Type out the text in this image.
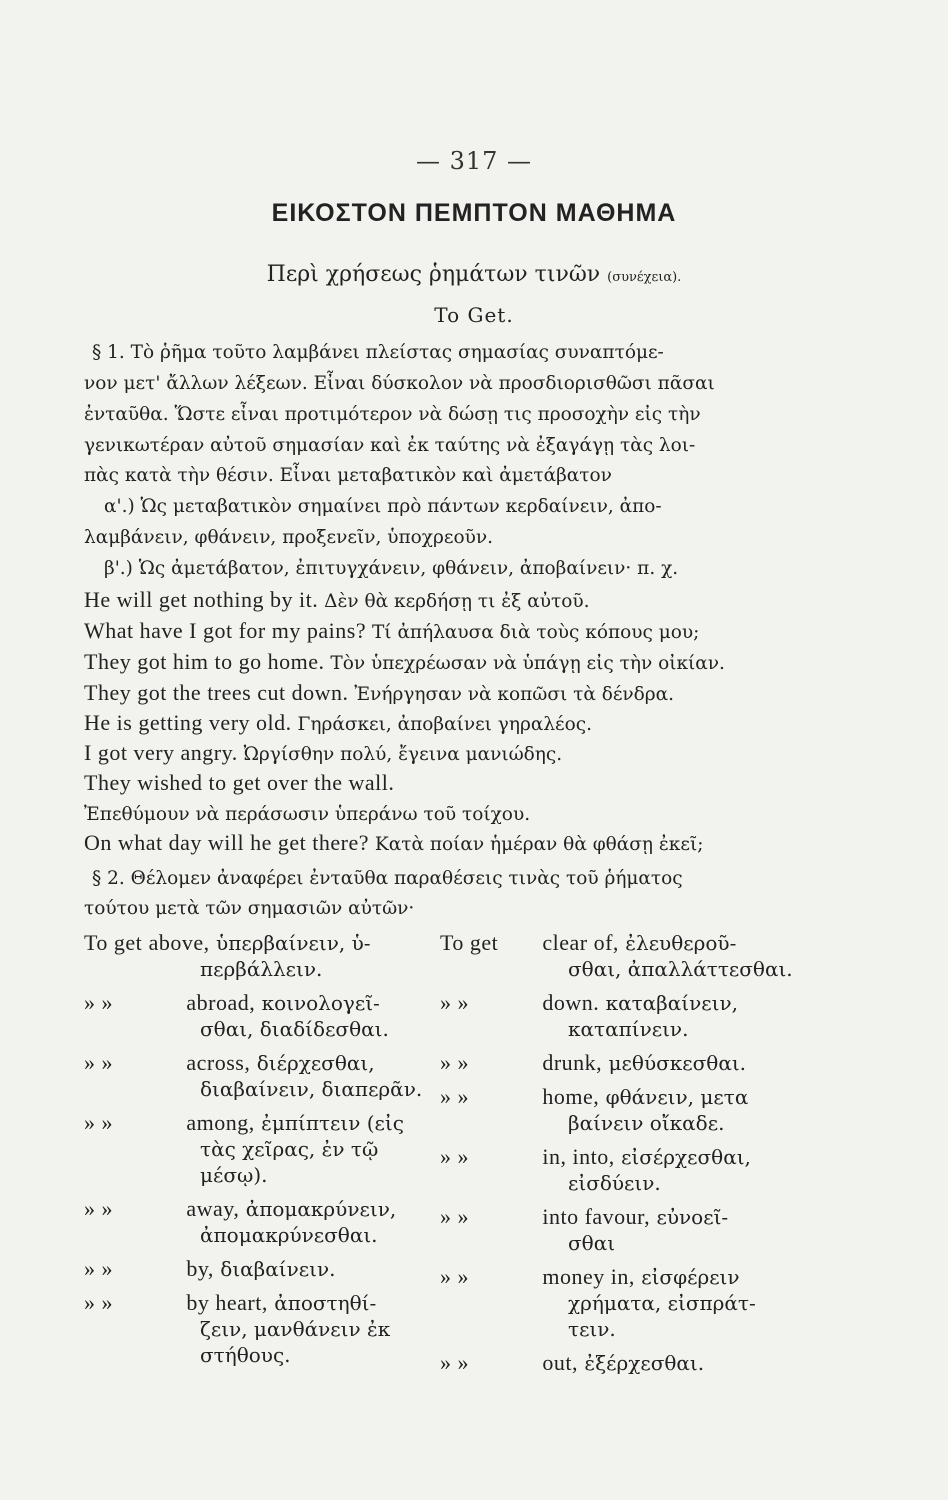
— 317 —
ΕΙΚΟΣΤΟΝ ΠΕΜΠΤΟΝ ΜΑΘΗΜΑ
Περὶ χρήσεως ῥημάτων τινῶν (συνέχεια).
To Get.
§ 1. Τὸ ῥῆμα τοῦτο λαμβάνει πλείστας σημασίας συναπτόμε-
νον μετ' ἄλλων λέξεων. Εἶναι δύσκολον νὰ προσδιορισθῶσι πᾶσαι
ἐνταῦθα. Ὥστε εἶναι προτιμότερον νὰ δώσῃ τις προσοχὴν εἰς τὴν
γενικωτέραν αὐτοῦ σημασίαν καὶ ἐκ ταύτης νὰ ἐξαγάγῃ τὰς λοι-
πὰς κατὰ τὴν θέσιν. Εἶναι μεταβατικὸν καὶ ἀμετάβατον
α'.) Ὡς μεταβατικὸν σημαίνει πρὸ πάντων κερδαίνειν, ἀπο-
λαμβάνειν, φθάνειν, προξενεῖν, ὑποχρεοῦν.
β'.) Ὡς ἀμετάβατον, ἐπιτυγχάνειν, φθάνειν, ἀποβαίνειν· π. χ.
He will get nothing by it. Δὲν θὰ κερδήσῃ τι ἐξ αὐτοῦ.
What have I got for my pains? Τί ἀπήλαυσα διὰ τοὺς κόπους μου;
They got him to go home. Τὸν ὑπεχρέωσαν νὰ ὑπάγῃ εἰς τὴν οἰκίαν.
They got the trees cut down. Ἐνήργησαν νὰ κοπῶσι τὰ δένδρα.
He is getting very old. Γηράσκει, ἀποβαίνει γηραλέος.
I got very angry. Ὠργίσθην πολύ, ἔγεινα μανιώδης.
They wished to get over the wall.
Ἐπεθύμουν νὰ περάσωσιν ὑπεράνω τοῦ τοίχου.
On what day will he get there? Κατὰ ποίαν ἡμέραν θὰ φθάσῃ ἐκεῖ;
§ 2. Θέλομεν ἀναφέρει ἐνταῦθα παραθέσεις τινὰς τοῦ ῥήματος
τούτου μετὰ τῶν σημασιῶν αὐτῶν·
To get above, ὑπερβαίνειν, ὑ-
περβάλλειν.
» »	abroad, κοινολογεῖ-
σθαι, διαδίδεσθαι.
» »	across, διέρχεσθαι,
διαβαίνειν, διαπερᾶν.
» »	among, ἐμπίπτειν (εἰς
τὰς χεῖρας, ἐν τῷ
μέσῳ).
» »	away, ἀπομακρύνειν,
ἀπομακρύνεσθαι.
» »	by, διαβαίνειν.
» »	by heart, ἀποστηθί-
ζειν, μανθάνειν ἐκ
στήθους.
To get clear of, ἐλευθεροῦ-
σθαι, ἀπαλλάττεσθαι.
» »	down. καταβαίνειν,
καταπίνειν.
» »	drunk, μεθύσκεσθαι.
» »	home, φθάνειν, μετα
βαίνειν οἴκαδε.
» »	in, into, εἰσέρχεσθαι,
εἰσδύειν.
» »	into favour, εὐνοεῖ-
σθαι
» »	money in, εἰσφέρειν
χρήματα, εἰσπράτ-
τειν.
» »	out, ἐξέρχεσθαι.
